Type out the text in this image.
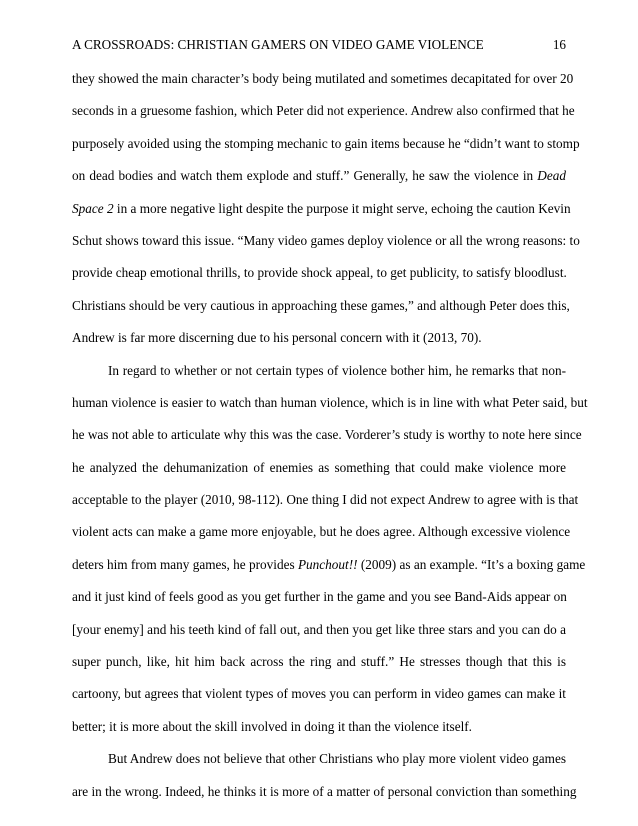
A CROSSROADS: CHRISTIAN GAMERS ON VIDEO GAME VIOLENCE	16
they showed the main character’s body being mutilated and sometimes decapitated for over 20
seconds in a gruesome fashion, which Peter did not experience. Andrew also confirmed that he
purposely avoided using the stomping mechanic to gain items because he “didn’t want to stomp
on dead bodies and watch them explode and stuff.” Generally, he saw the violence in Dead
Space 2 in a more negative light despite the purpose it might serve, echoing the caution Kevin
Schut shows toward this issue. “Many video games deploy violence or all the wrong reasons: to
provide cheap emotional thrills, to provide shock appeal, to get publicity, to satisfy bloodlust.
Christians should be very cautious in approaching these games,” and although Peter does this,
Andrew is far more discerning due to his personal concern with it (2013, 70).
In regard to whether or not certain types of violence bother him, he remarks that non-
human violence is easier to watch than human violence, which is in line with what Peter said, but
he was not able to articulate why this was the case. Vorderer’s study is worthy to note here since
he analyzed the dehumanization of enemies as something that could make violence more
acceptable to the player (2010, 98-112). One thing I did not expect Andrew to agree with is that
violent acts can make a game more enjoyable, but he does agree. Although excessive violence
deters him from many games, he provides Punchout!! (2009) as an example. “It’s a boxing game
and it just kind of feels good as you get further in the game and you see Band-Aids appear on
[your enemy] and his teeth kind of fall out, and then you get like three stars and you can do a
super punch, like, hit him back across the ring and stuff.” He stresses though that this is
cartoony, but agrees that violent types of moves you can perform in video games can make it
better; it is more about the skill involved in doing it than the violence itself.
But Andrew does not believe that other Christians who play more violent video games
are in the wrong. Indeed, he thinks it is more of a matter of personal conviction than something
